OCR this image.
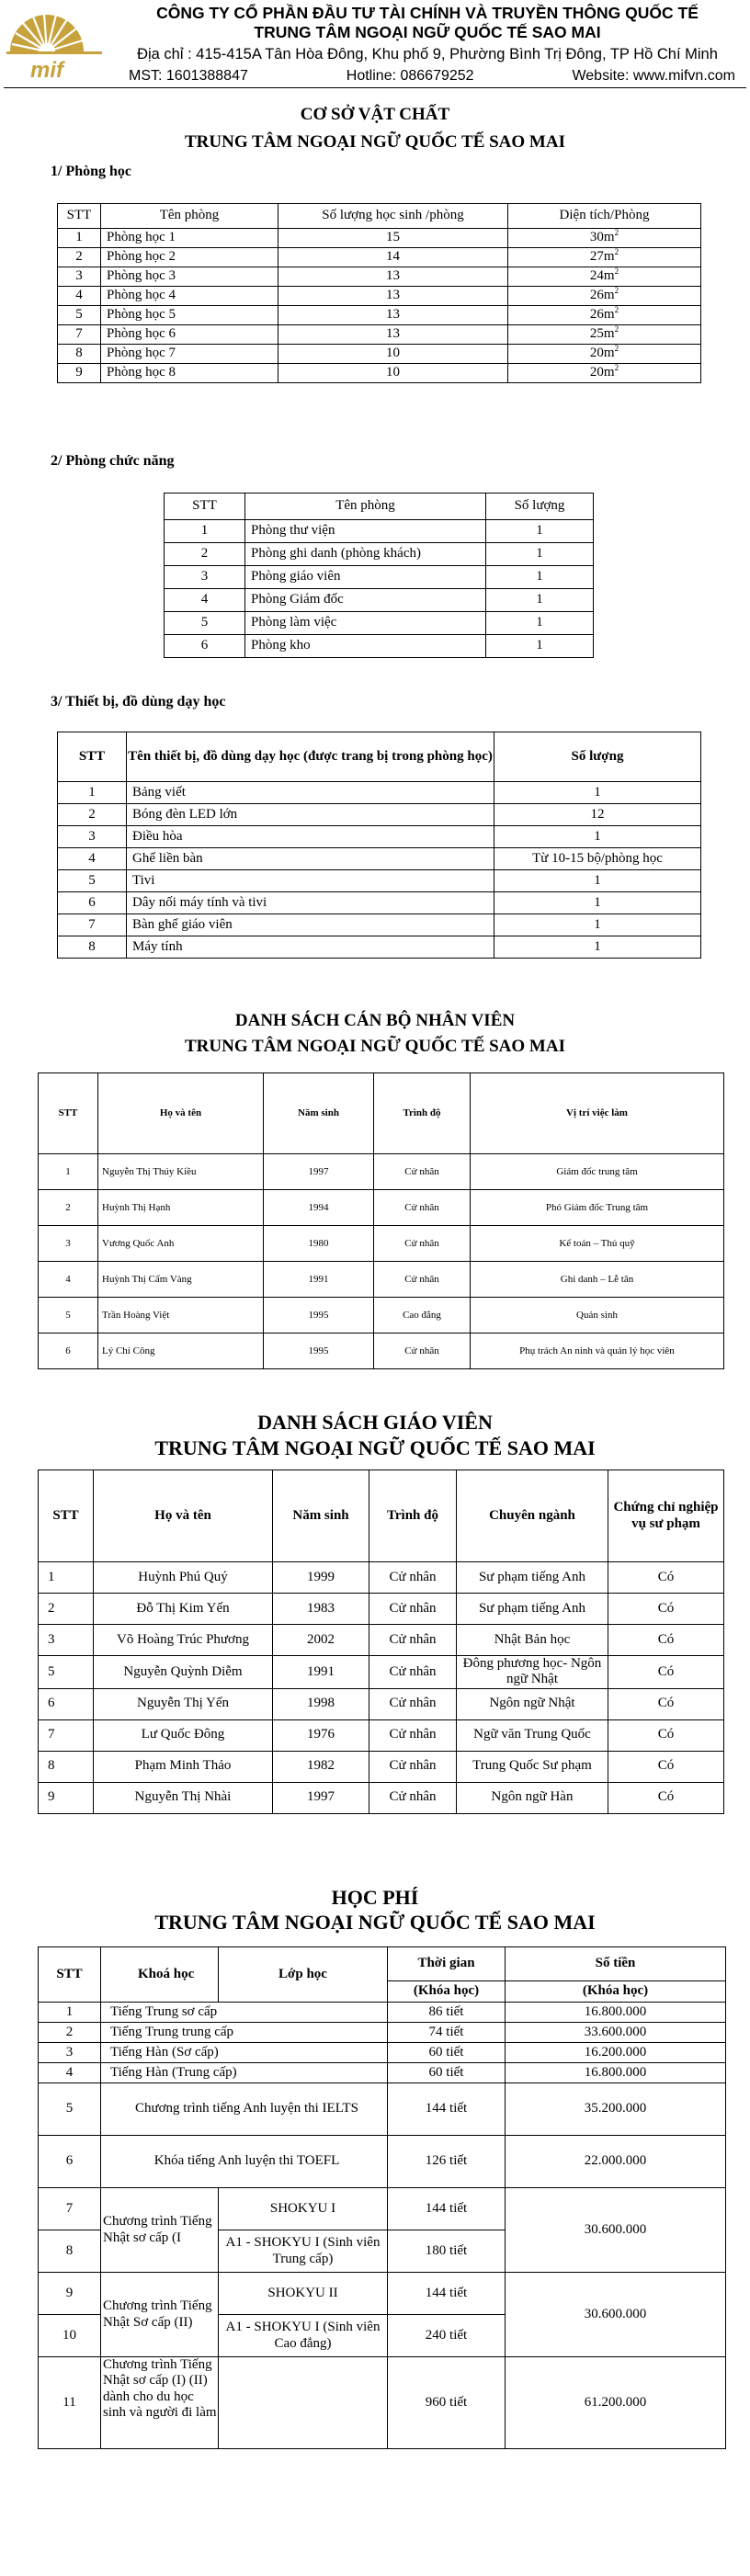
mif
CÔNG TY CỔ PHẦN ĐẦU TƯ TÀI CHÍNH VÀ TRUYỀN THÔNG QUỐC TẾ
TRUNG TÂM NGOẠI NGỮ QUỐC TẾ SAO MAI
Địa chỉ : 415-415A Tân Hòa Đông, Khu phố 9, Phường Bình Trị Đông, TP Hồ Chí Minh
MST: 1601388847	Hotline: 086679252	Website: www.mifvn.com
CƠ SỞ VẬT CHẤT
TRUNG TÂM NGOẠI NGỮ QUỐC TẾ SAO MAI
1/ Phòng học
STT	Tên phòng	Số lượng học sinh /phòng	Diện tích/Phòng
1	Phòng học 1	15	$30m^2$
2	Phòng học 2	14	$27m^2$
3	Phòng học 3	13	$24m^2$
4	Phòng học 4	13	$26m^2$
5	Phòng học 5	13	$26m^2$
7	Phòng học 6	13	$25m^2$
8	Phòng học 7	10	$20m^2$
9	Phòng học 8	10	$20m^2$
2/ Phòng chức năng
STT	Tên phòng	Số lượng
1	Phòng thư viện	1
2	Phòng ghi danh (phòng khách)	1
3	Phòng giáo viên	1
4	Phòng Giám đốc	1
5	Phòng làm việc	1
6	Phòng kho	1
3/ Thiết bị, đồ dùng dạy học
STT	Tên thiết bị, đồ dùng dạy học (được trang bị trong phòng học)	Số lượng
1	Bảng viết	1
2	Bóng đèn LED lớn	12
3	Điều hòa	1
4	Ghế liền bàn	Từ 10-15 bộ/phòng học
5	Tivi	1
6	Dây nối máy tính và tivi	1
7	Bàn ghế giáo viên	1
8	Máy tính	1
DANH SÁCH CÁN BỘ NHÂN VIÊN
TRUNG TÂM NGOẠI NGỮ QUỐC TẾ SAO MAI
STT	Họ và tên	Năm sinh	Trình độ	Vị trí việc làm
1	Nguyễn Thị Thúy Kiều	1997	Cử nhân	Giám đốc trung tâm
2	Huỳnh Thị Hạnh	1994	Cử nhân	Phó Giám đốc Trung tâm
3	Vương Quốc Anh	1980	Cử nhân	Kế toán – Thủ quỹ
4	Huỳnh Thị Cẩm Vàng	1991	Cử nhân	Ghi danh – Lễ tân
5	Trần Hoàng Việt	1995	Cao đẳng	Quản sinh
6	Lý Chí Công	1995	Cử nhân	Phụ trách An ninh và quản lý học viên
DANH SÁCH GIÁO VIÊN
TRUNG TÂM NGOẠI NGỮ QUỐC TẾ SAO MAI
STT	Họ và tên	Năm sinh	Trình độ	Chuyên ngành	Chứng chỉ nghiệp vụ sư phạm
1	Huỳnh Phú Quý	1999	Cử nhân	Sư phạm tiếng Anh	Có
2	Đỗ Thị Kim Yến	1983	Cử nhân	Sư phạm tiếng Anh	Có
3	Võ Hoàng Trúc Phương	2002	Cử nhân	Nhật Bản học	Có
5	Nguyễn Quỳnh Diễm	1991	Cử nhân	Đông phương học- Ngôn ngữ Nhật	Có
6	Nguyễn Thị Yến	1998	Cử nhân	Ngôn ngữ Nhật	Có
7	Lư Quốc Đông	1976	Cử nhân	Ngữ văn Trung Quốc	Có
8	Phạm Minh Thảo	1982	Cử nhân	Trung Quốc Sư phạm	Có
9	Nguyễn Thị Nhài	1997	Cử nhân	Ngôn ngữ Hàn	Có
HỌC PHÍ
TRUNG TÂM NGOẠI NGỮ QUỐC TẾ SAO MAI
STT	Khoá học	Lớp học	Thời gian	Số tiền
			(Khóa học)	(Khóa học)
1	Tiếng Trung sơ cấp		86 tiết	16.800.000
2	Tiếng Trung trung cấp		74 tiết	33.600.000
3	Tiếng Hàn (Sơ cấp)		60 tiết	16.200.000
4	Tiếng Hàn (Trung cấp)		60 tiết	16.800.000
5	Chương trình tiếng Anh luyện thi IELTS		144 tiết	35.200.000
6	Khóa tiếng Anh luyện thi TOEFL		126 tiết	22.000.000
7	Chương trình Tiếng Nhật sơ cấp (I	SHOKYU I	144 tiết	30.600.000
8		A1 - SHOKYU I (Sinh viên Trung cấp)	180 tiết	
9	Chương trình Tiếng Nhật Sơ cấp (II)	SHOKYU II	144 tiết	30.600.000
10		A1 - SHOKYU I (Sinh viên Cao đẳng)	240 tiết	
11	Chương trình Tiếng Nhật sơ cấp (I) (II) dành cho du học sinh và người đi làm		960 tiết	61.200.000
